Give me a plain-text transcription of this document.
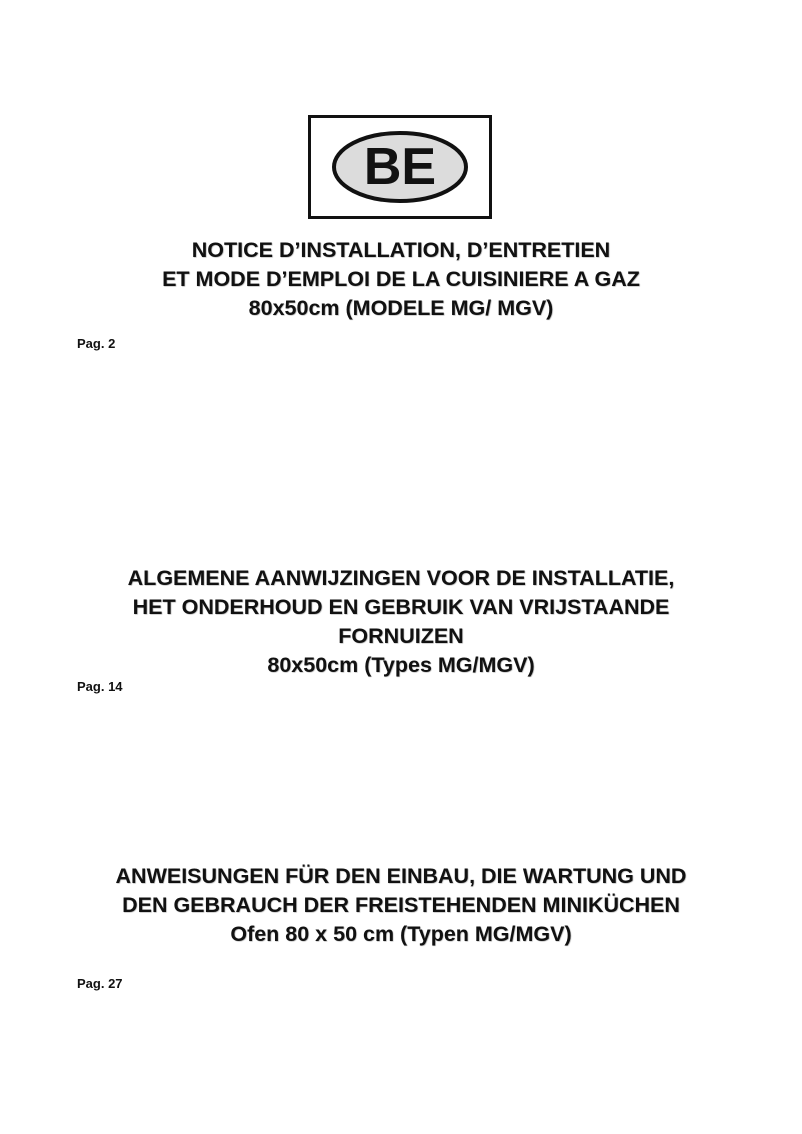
BE
NOTICE D’INSTALLATION, D’ENTRETIEN
ET MODE D’EMPLOI DE LA CUISINIERE A GAZ
80x50cm (MODELE MG/ MGV)

Pag. 2

ALGEMENE AANWIJZINGEN VOOR DE INSTALLATIE,
HET ONDERHOUD EN GEBRUIK VAN VRIJSTAANDE
FORNUIZEN
80x50cm (Types MG/MGV)

Pag. 14

ANWEISUNGEN FÜR DEN EINBAU, DIE WARTUNG UND
DEN GEBRAUCH DER FREISTEHENDEN MINIKÜCHEN
Ofen 80 x 50 cm (Typen MG/MGV)

Pag. 27
